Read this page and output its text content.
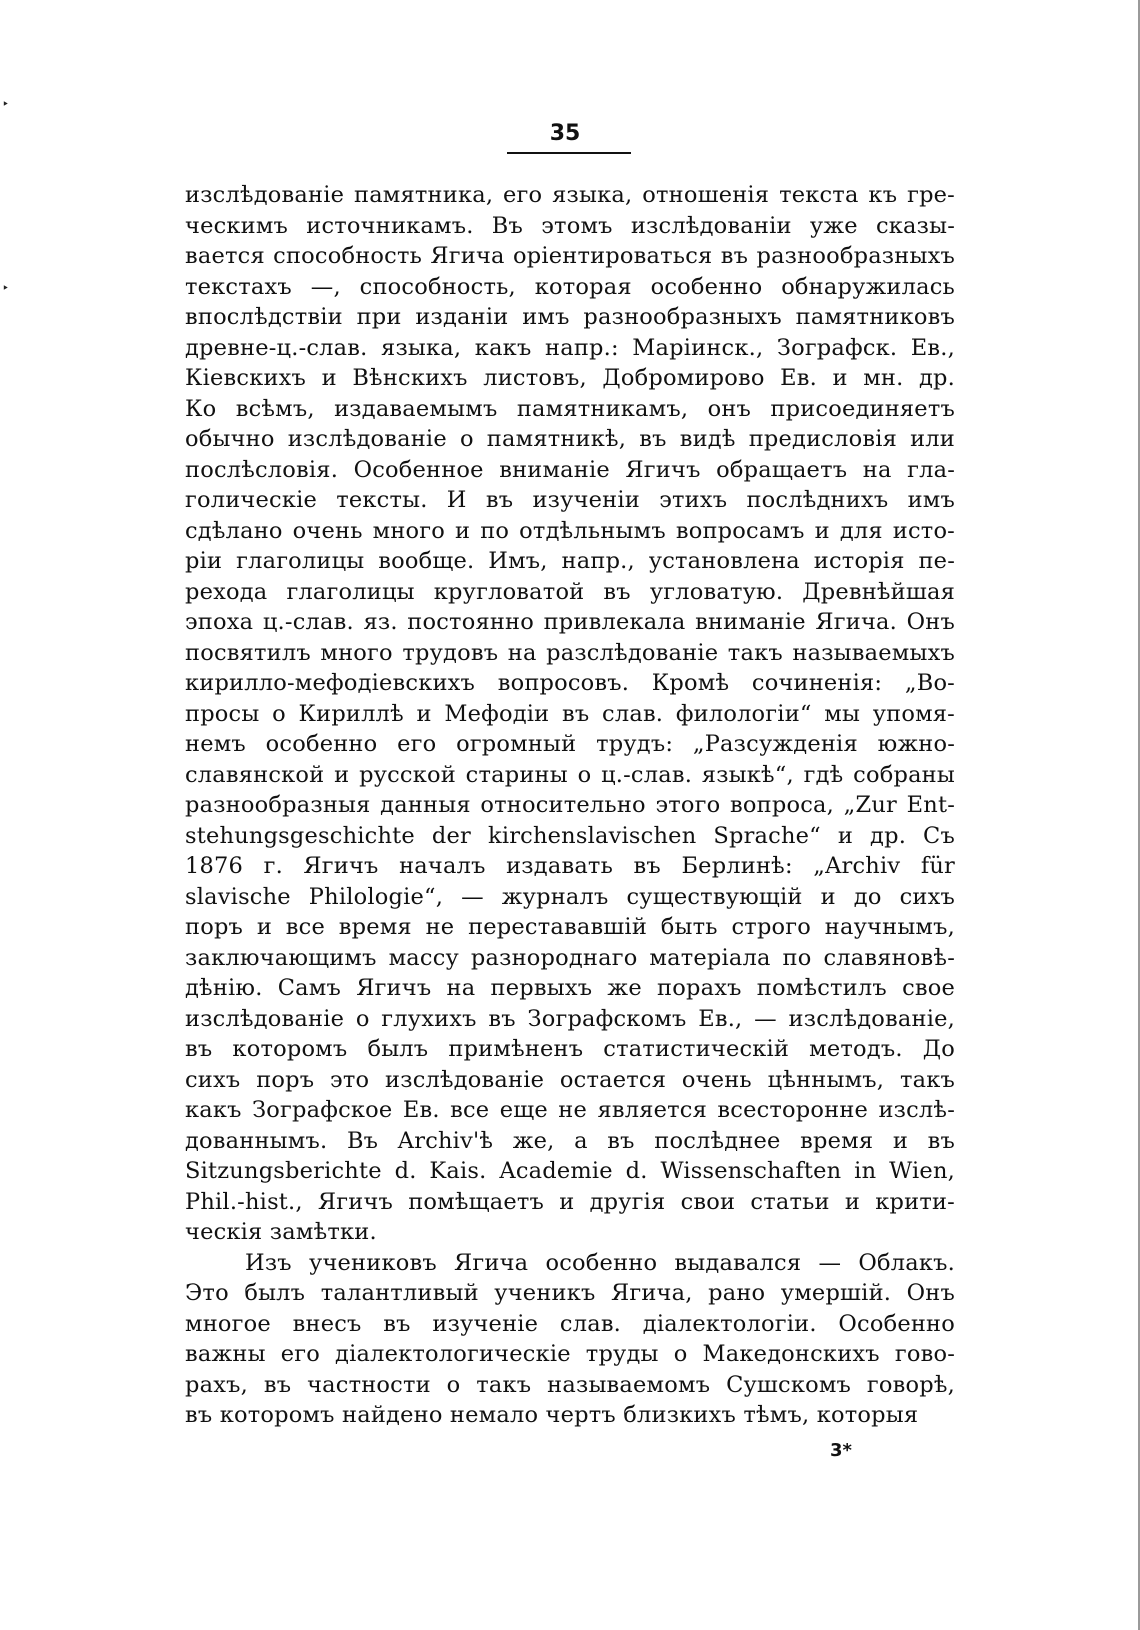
‣
‣
35
изслѣдованіе памятника, его языка, отношенія текста къ гре-
ческимъ источникамъ. Въ этомъ изслѣдованіи уже сказы-
вается способность Ягича оріентироваться въ разнообразныхъ
текстахъ —, способность, которая особенно обнаружилась
впослѣдствіи при изданіи имъ разнообразныхъ памятниковъ
древне-ц.-слав. языка, какъ напр.: Маріинск., Зографск. Ев.,
Кіевскихъ и Вѣнскихъ листовъ, Добромирово Ев. и мн. др.
Ко всѣмъ, издаваемымъ памятникамъ, онъ присоединяетъ
обычно изслѣдованіе о памятникѣ, въ видѣ предисловія или
послѣсловія. Особенное вниманіе Ягичъ обращаетъ на гла-
голическіе тексты. И въ изученіи этихъ послѣднихъ имъ
сдѣлано очень много и по отдѣльнымъ вопросамъ и для исто-
ріи глаголицы вообще. Имъ, напр., установлена исторія пе-
рехода глаголицы кругловатой въ угловатую. Древнѣйшая
эпоха ц.-слав. яз. постоянно привлекала вниманіе Ягича. Онъ
посвятилъ много трудовъ на разслѣдованіе такъ называемыхъ
кирилло-мефодіевскихъ вопросовъ. Кромѣ сочиненія: „Во-
просы о Кириллѣ и Мефодіи въ слав. филологіи“ мы упомя-
немъ особенно его огромный трудъ: „Разсужденія южно-
славянской и русской старины о ц.-слав. языкѣ“, гдѣ собраны
разнообразныя данныя относительно этого вопроса, „Zur Ent-
stehungsgeschichte der kirchenslavischen Sprache“ и др. Съ
1876 г. Ягичъ началъ издавать въ Берлинѣ: „Archiv für
slavische Philologie“, — журналъ существующій и до сихъ
поръ и все время не перестававшій быть строго научнымъ,
заключающимъ массу разнороднаго матеріала по славяновѣ-
дѣнію. Самъ Ягичъ на первыхъ же порахъ помѣстилъ свое
изслѣдованіе о глухихъ въ Зографскомъ Ев., — изслѣдованіе,
въ которомъ былъ примѣненъ статистическій методъ. До
сихъ поръ это изслѣдованіе остается очень цѣннымъ, такъ
какъ Зографское Ев. все еще не является всесторонне изслѣ-
дованнымъ. Въ Archiv'ѣ же, а въ послѣднее время и въ
Sitzungsberichte d. Kais. Academie d. Wissenschaften in Wien,
Phil.-hist., Ягичъ помѣщаетъ и другія свои статьи и крити-
ческія замѣтки.
Изъ учениковъ Ягича особенно выдавался — Облакъ.
Это былъ талантливый ученикъ Ягича, рано умершій. Онъ
многое внесъ въ изученіе слав. діалектологіи. Особенно
важны его діалектологическіе труды о Македонскихъ гово-
рахъ, въ частности о такъ называемомъ Сушскомъ говорѣ,
въ которомъ найдено немало чертъ близкихъ тѣмъ, которыя
3*
